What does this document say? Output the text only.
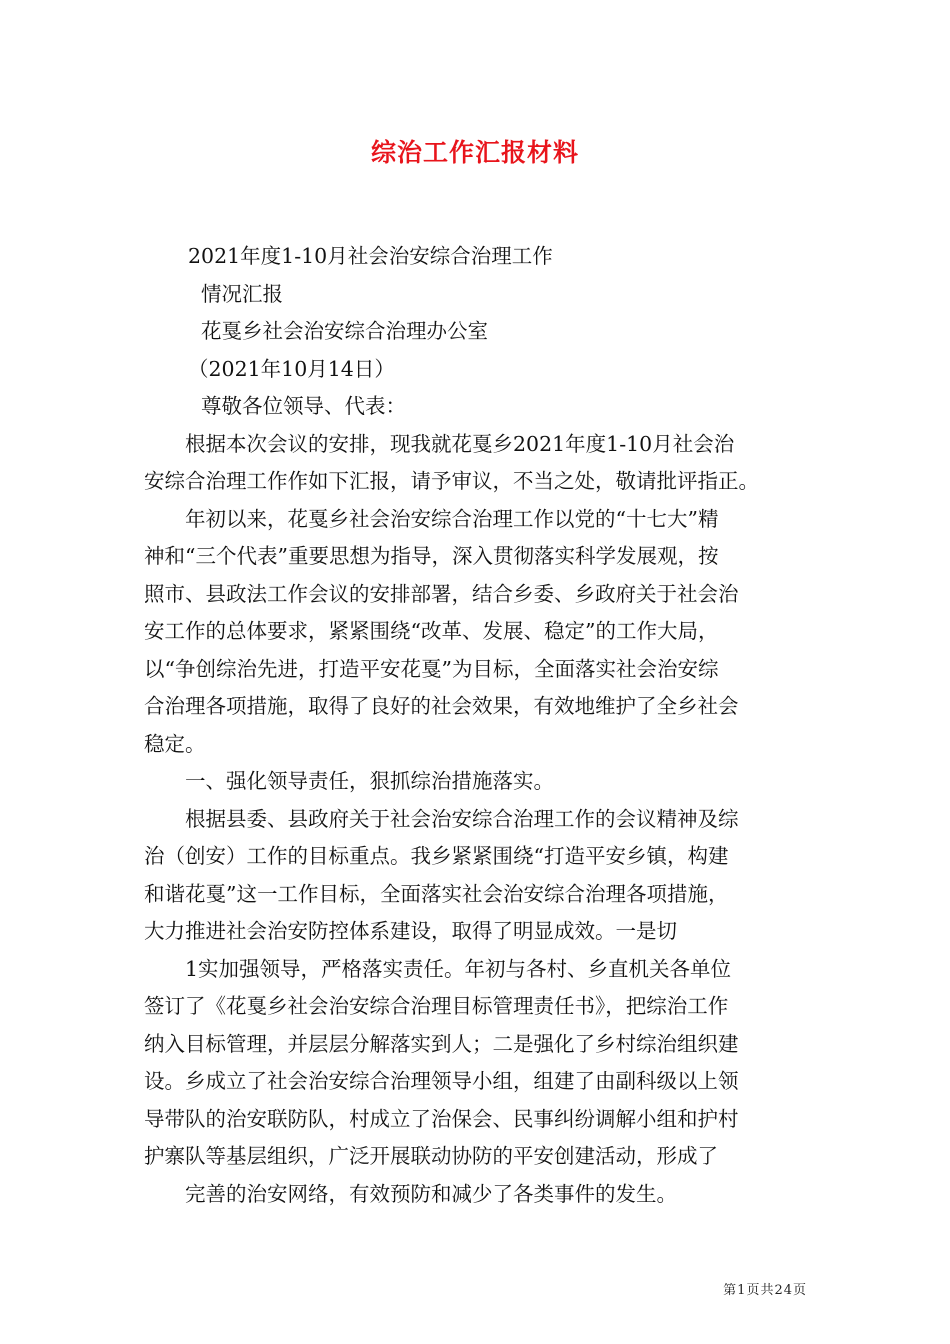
综治工作汇报材料
2021年度1-10月社会治安综合治理工作
情况汇报
花戛乡社会治安综合治理办公室
（2021年10月14日）
尊敬各位领导、代表：
根据本次会议的安排，现我就花戛乡2021年度1-10月社会治
安综合治理工作作如下汇报，请予审议，不当之处，敬请批评指正。
年初以来，花戛乡社会治安综合治理工作以党的“十七大”精
神和“三个代表”重要思想为指导，深入贯彻落实科学发展观，按
照市、县政法工作会议的安排部署，结合乡委、乡政府关于社会治
安工作的总体要求，紧紧围绕“改革、发展、稳定”的工作大局，
以“争创综治先进，打造平安花戛”为目标，全面落实社会治安综
合治理各项措施，取得了良好的社会效果，有效地维护了全乡社会
稳定。
一、强化领导责任，狠抓综治措施落实。
根据县委、县政府关于社会治安综合治理工作的会议精神及综
治（创安）工作的目标重点。我乡紧紧围绕“打造平安乡镇，构建
和谐花戛”这一工作目标，全面落实社会治安综合治理各项措施，
大力推进社会治安防控体系建设，取得了明显成效。一是切
1实加强领导，严格落实责任。年初与各村、乡直机关各单位
签订了《花戛乡社会治安综合治理目标管理责任书》，把综治工作
纳入目标管理，并层层分解落实到人；二是强化了乡村综治组织建
设。乡成立了社会治安综合治理领导小组，组建了由副科级以上领
导带队的治安联防队，村成立了治保会、民事纠纷调解小组和护村
护寨队等基层组织，广泛开展联动协防的平安创建活动，形成了
完善的治安网络，有效预防和减少了各类事件的发生。
第1页共24页
